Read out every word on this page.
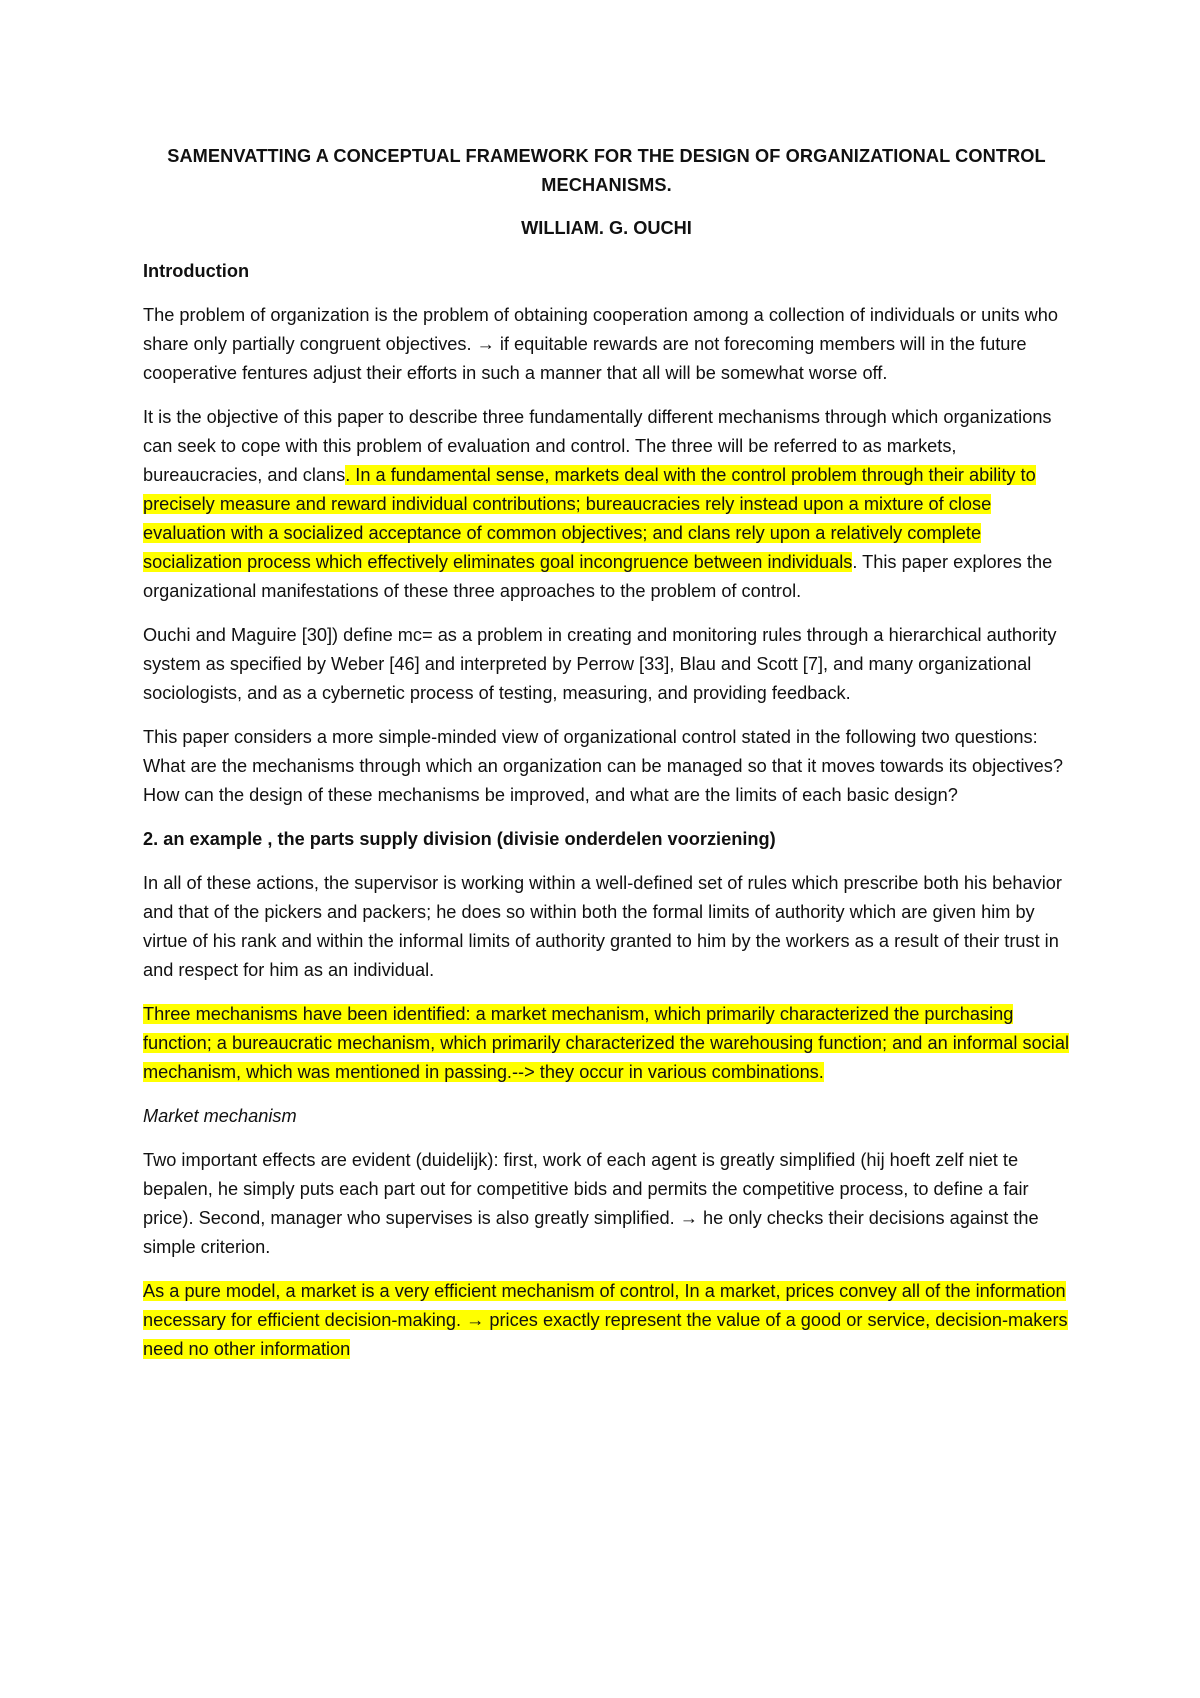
SAMENVATTING A CONCEPTUAL FRAMEWORK FOR THE DESIGN OF ORGANIZATIONAL CONTROL MECHANISMS.
WILLIAM. G. OUCHI
Introduction

The problem of organization is the problem of obtaining cooperation among a collection of individuals or units who share only partially congruent objectives. → if equitable rewards are not forecoming members will in the future cooperative fentures adjust their efforts in such a manner that all will be somewhat worse off.

It is the objective of this paper to describe three fundamentally different mechanisms through which organizations can seek to cope with this problem of evaluation and control. The three will be referred to as markets, bureaucracies, and clans. In a fundamental sense, markets deal with the control problem through their ability to precisely measure and reward individual contributions; bureaucracies rely instead upon a mixture of close evaluation with a socialized acceptance of common objectives; and clans rely upon a relatively complete socialization process which effectively eliminates goal incongruence between individuals. This paper explores the organizational manifestations of these three approaches to the problem of control.

Ouchi and Maguire [30]) define mc= as a problem in creating and monitoring rules through a hierarchical authority system as specified by Weber [46] and interpreted by Perrow [33], Blau and Scott [7], and many organizational sociologists, and as a cybernetic process of testing, measuring, and providing feedback.

This paper considers a more simple-minded view of organizational control stated in the following two questions: What are the mechanisms through which an organization can be managed so that it moves towards its objectives? How can the design of these mechanisms be improved, and what are the limits of each basic design?

2. an example , the parts supply division (divisie onderdelen voorziening)

In all of these actions, the supervisor is working within a well-defined set of rules which prescribe both his behavior and that of the pickers and packers; he does so within both the formal limits of authority which are given him by virtue of his rank and within the informal limits of authority granted to him by the workers as a result of their trust in and respect for him as an individual.

Three mechanisms have been identified: a market mechanism, which primarily characterized the purchasing function; a bureaucratic mechanism, which primarily characterized the warehousing function; and an informal social mechanism, which was mentioned in passing.--> they occur in various combinations.

Market mechanism

Two important effects are evident (duidelijk): first, work of each agent is greatly simplified (hij hoeft zelf niet te bepalen, he simply puts each part out for competitive bids and permits the competitive process, to define a fair price). Second, manager who supervises is also greatly simplified. → he only checks their decisions against the simple criterion.

As a pure model, a market is a very efficient mechanism of control, In a market, prices convey all of the information necessary for efficient decision-making. → prices exactly represent the value of a good or service, decision-makers need no other information
